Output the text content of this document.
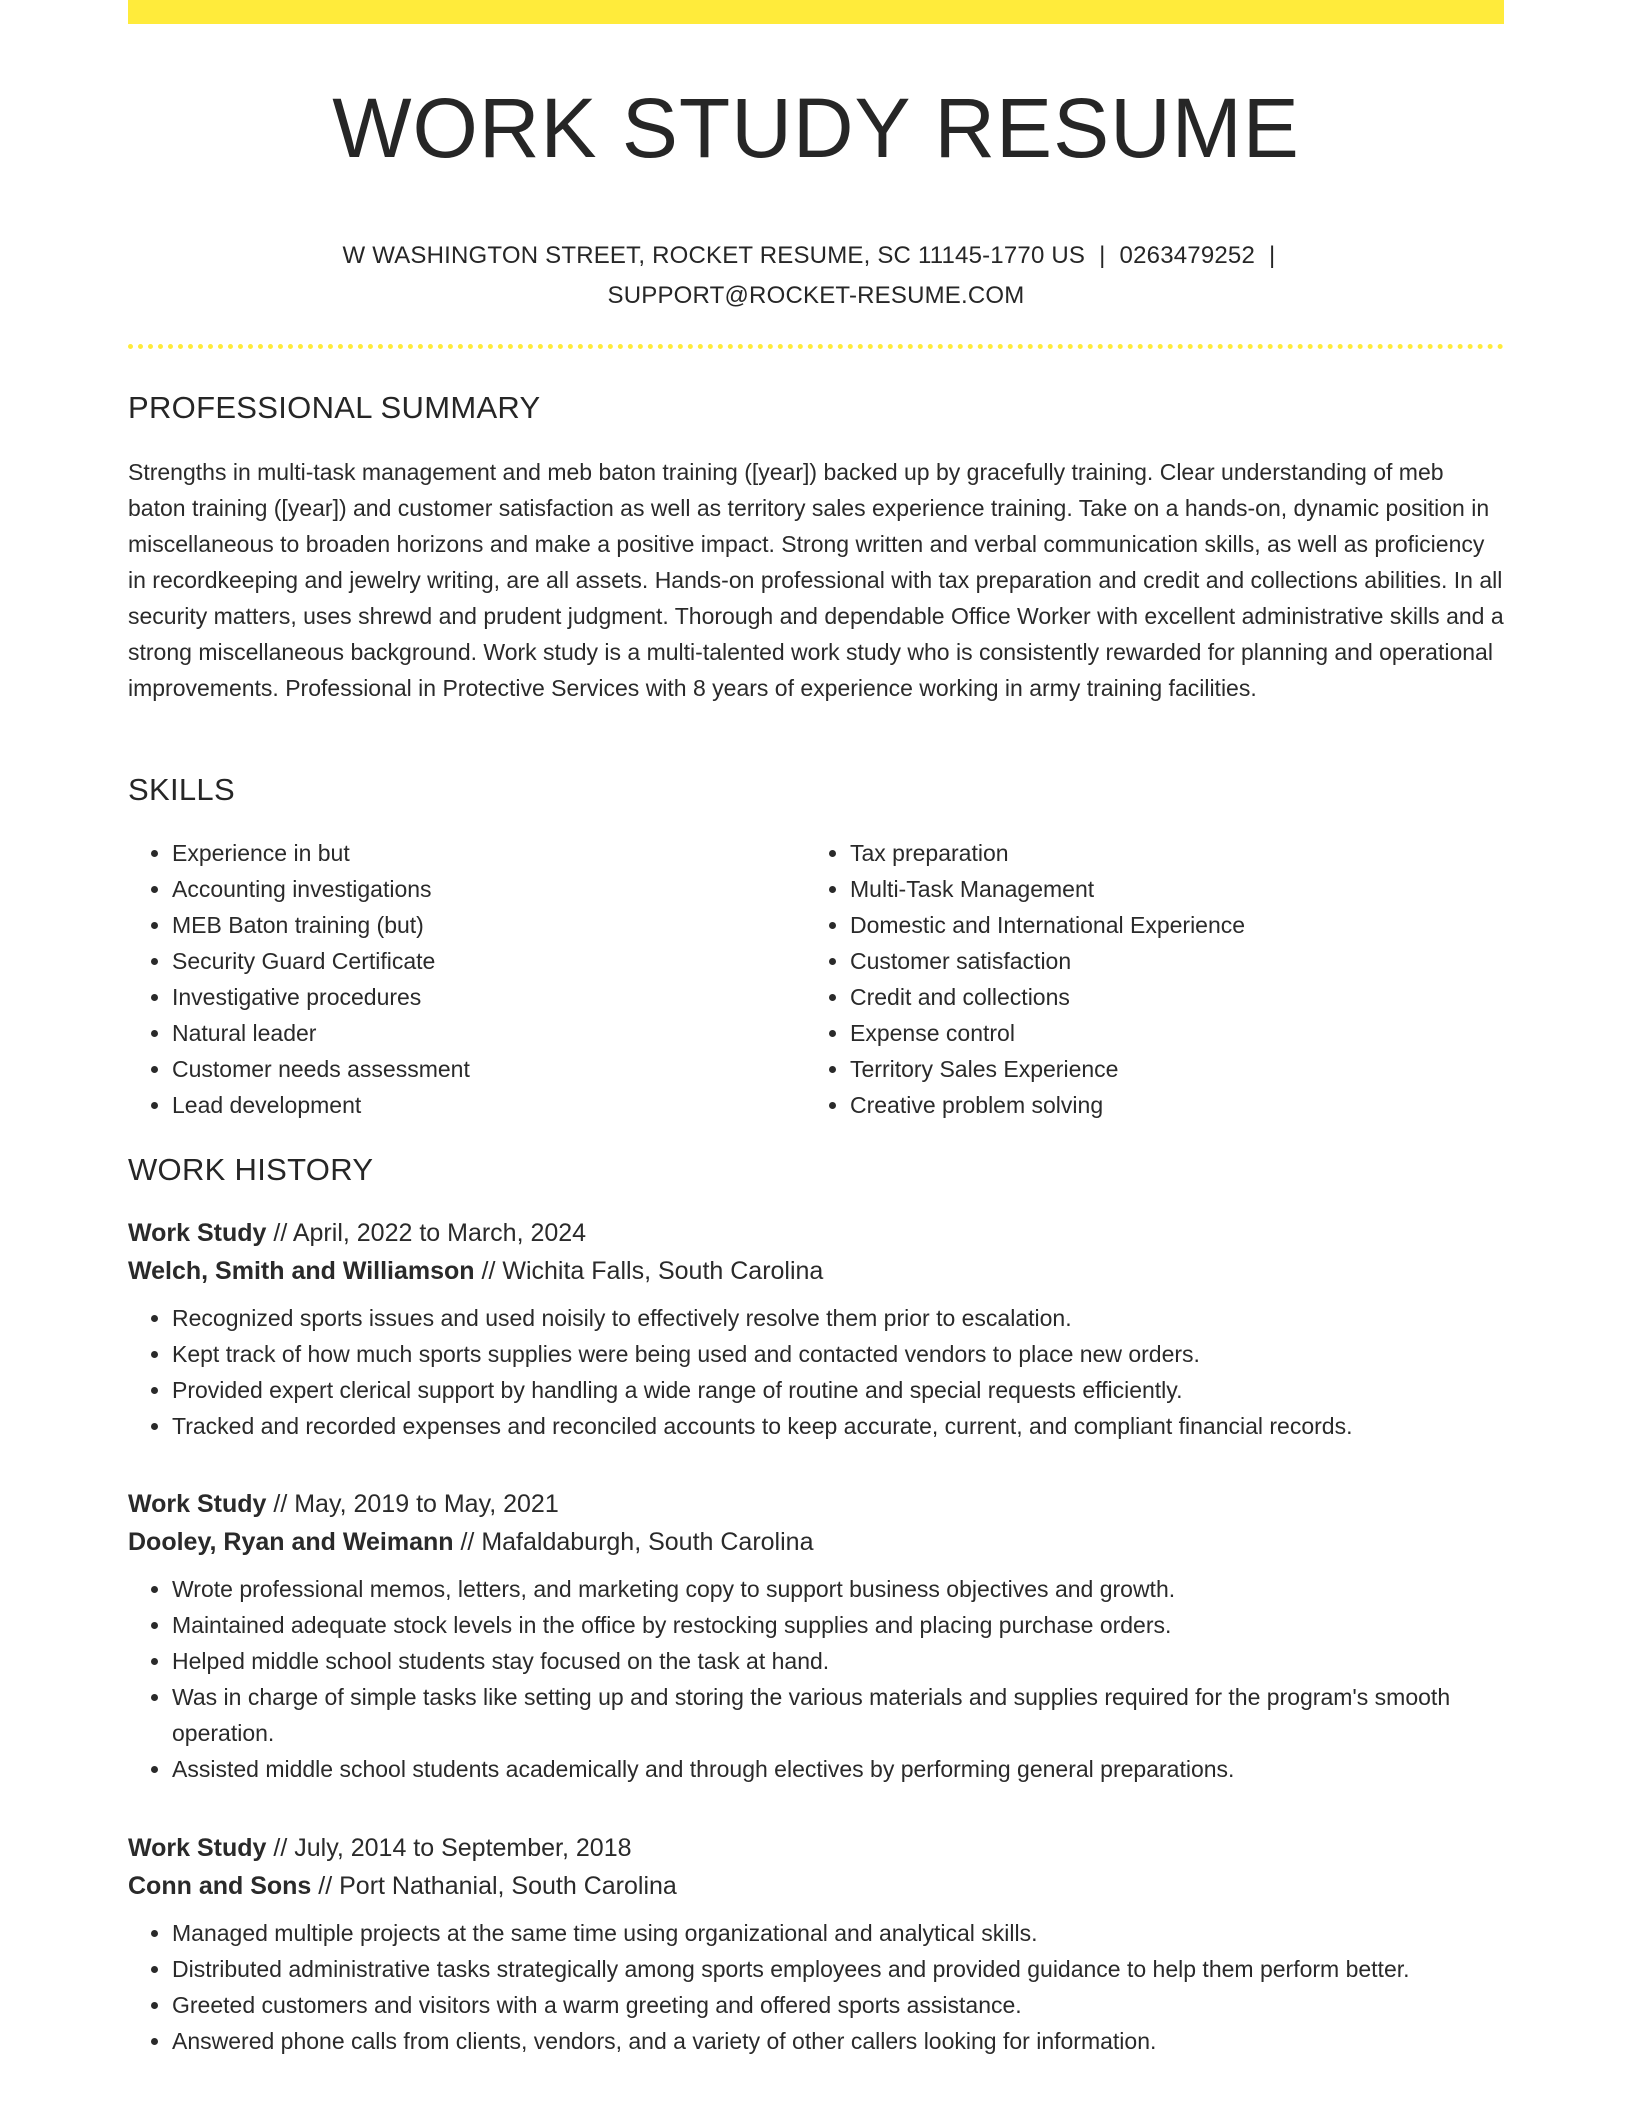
WORK STUDY RESUME
W WASHINGTON STREET, ROCKET RESUME, SC 11145-1770 US | 0263479252 |
SUPPORT@ROCKET-RESUME.COM
PROFESSIONAL SUMMARY

Strengths in multi-task management and meb baton training ([year]) backed up by gracefully training. Clear understanding of meb baton training ([year]) and customer satisfaction as well as territory sales experience training. Take on a hands-on, dynamic position in miscellaneous to broaden horizons and make a positive impact. Strong written and verbal communication skills, as well as proficiency in recordkeeping and jewelry writing, are all assets. Hands-on professional with tax preparation and credit and collections abilities. In all security matters, uses shrewd and prudent judgment. Thorough and dependable Office Worker with excellent administrative skills and a strong miscellaneous background. Work study is a multi-talented work study who is consistently rewarded for planning and operational improvements. Professional in Protective Services with 8 years of experience working in army training facilities.

SKILLS
• Experience in but
• Accounting investigations
• MEB Baton training (but)
• Security Guard Certificate
• Investigative procedures
• Natural leader
• Customer needs assessment
• Lead development
• Tax preparation
• Multi-Task Management
• Domestic and International Experience
• Customer satisfaction
• Credit and collections
• Expense control
• Territory Sales Experience
• Creative problem solving
WORK HISTORY
Work Study // April, 2022 to March, 2024
Welch, Smith and Williamson // Wichita Falls, South Carolina
• Recognized sports issues and used noisily to effectively resolve them prior to escalation.
• Kept track of how much sports supplies were being used and contacted vendors to place new orders.
• Provided expert clerical support by handling a wide range of routine and special requests efficiently.
• Tracked and recorded expenses and reconciled accounts to keep accurate, current, and compliant financial records.
Work Study // May, 2019 to May, 2021
Dooley, Ryan and Weimann // Mafaldaburgh, South Carolina
• Wrote professional memos, letters, and marketing copy to support business objectives and growth.
• Maintained adequate stock levels in the office by restocking supplies and placing purchase orders.
• Helped middle school students stay focused on the task at hand.
• Was in charge of simple tasks like setting up and storing the various materials and supplies required for the program's smooth operation.
• Assisted middle school students academically and through electives by performing general preparations.
Work Study // July, 2014 to September, 2018
Conn and Sons // Port Nathanial, South Carolina
• Managed multiple projects at the same time using organizational and analytical skills.
• Distributed administrative tasks strategically among sports employees and provided guidance to help them perform better.
• Greeted customers and visitors with a warm greeting and offered sports assistance.
• Answered phone calls from clients, vendors, and a variety of other callers looking for information.
